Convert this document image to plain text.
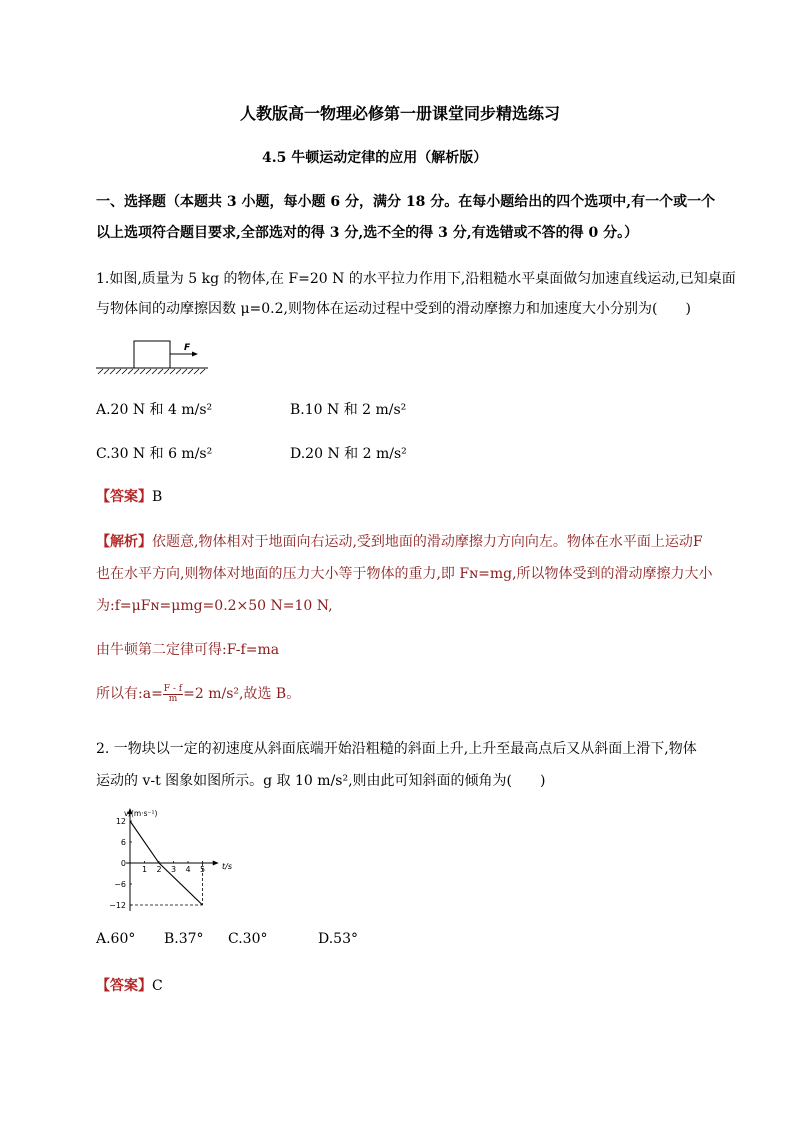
人教版高一物理必修第一册课堂同步精选练习
4.5 牛顿运动定律的应用（解析版）
一、选择题（本题共 3 小题，每小题 6 分，满分 18 分。在每小题给出的四个选项中,有一个或一个
以上选项符合题目要求,全部选对的得 3 分,选不全的得 3 分,有选错或不答的得 0 分。）
1.如图,质量为 5 kg 的物体,在 F=20 N 的水平拉力作用下,沿粗糙水平桌面做匀加速直线运动,已知桌面
与物体间的动摩擦因数 μ=0.2,则物体在运动过程中受到的滑动摩擦力和加速度大小分别为(　　)
F
A.20 N 和 4 m/s²	B.10 N 和 2 m/s²
C.30 N 和 6 m/s²	D.20 N 和 2 m/s²
【答案】B
【解析】依题意,物体相对于地面向右运动,受到地面的滑动摩擦力方向向左。物体在水平面上运动F
也在水平方向,则物体对地面的压力大小等于物体的重力,即 Fɴ=mg,所以物体受到的滑动摩擦力大小
为:f=μFɴ=μmg=0.2×50 N=10 N,
由牛顿第二定律可得:F-f=ma
所以有:a= $\frac{F - f}{m} =2$ m/s²,故选 B。
2. 一物块以一定的初速度从斜面底端开始沿粗糙的斜面上升,上升至最高点后又从斜面上滑下,物体
运动的 v-t 图象如图所示。g 取 10 m/s²,则由此可知斜面的倾角为(　　)
1 2 3 4 5
12
6
0
−6
−12
v/(m·s⁻¹)
t/s
A.60° B.37° C.30°	D.53°
【答案】C
